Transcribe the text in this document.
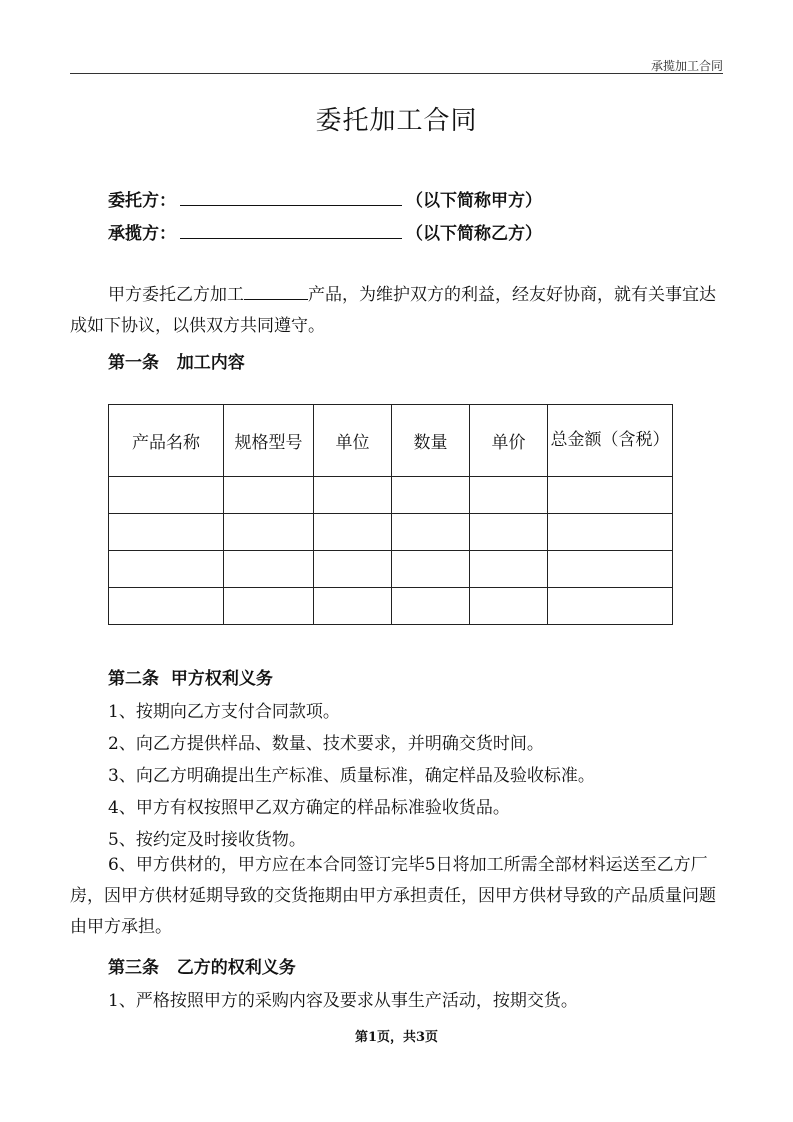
承揽加工合同
委托加工合同
委托方：	（以下简称甲方）
承揽方：	（以下简称乙方）
甲方委托乙方加工	产品，为维护双方的利益，经友好协商，就有关事宜达成如下协议，以供双方共同遵守。
第一条   加工内容
产品名称	规格型号	单位	数量	单价	总金额（含税）

第二条  甲方权利义务
1、按期向乙方支付合同款项。
2、向乙方提供样品、数量、技术要求，并明确交货时间。
3、向乙方明确提出生产标准、质量标准，确定样品及验收标准。
4、甲方有权按照甲乙双方确定的样品标准验收货品。
5、按约定及时接收货物。
6、甲方供材的，甲方应在本合同签订完毕5日将加工所需全部材料运送至乙方厂房，因甲方供材延期导致的交货拖期由甲方承担责任，因甲方供材导致的产品质量问题由甲方承担。
第三条   乙方的权利义务
1、严格按照甲方的采购内容及要求从事生产活动，按期交货。
第1页，共3页
